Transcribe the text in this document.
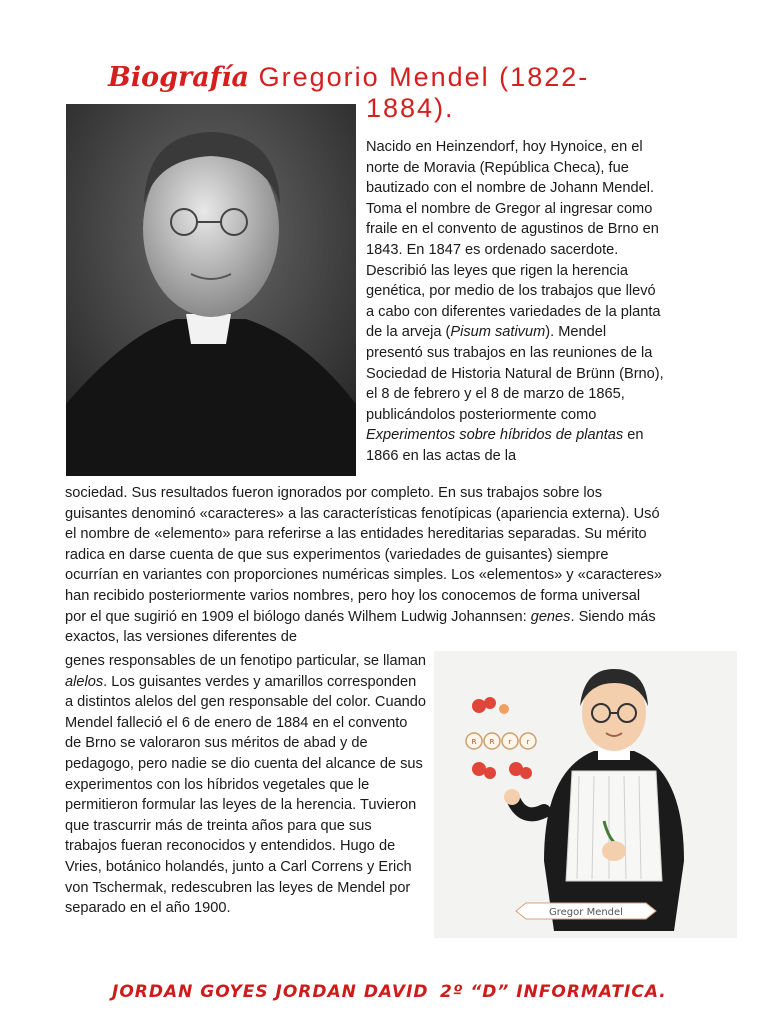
Biografía Gregorio Mendel (1822-
1884).

Nacido en Heinzendorf, hoy Hynoice, en el norte de Moravia (República Checa), fue bautizado con el nombre de Johann Mendel. Toma el nombre de Gregor al ingresar como fraile en el convento de agustinos de Brno en 1843. En 1847 es ordenado sacerdote. Describió las leyes que rigen la herencia genética, por medio de los trabajos que llevó a cabo con diferentes variedades de la planta de la arveja (Pisum sativum). Mendel presentó sus trabajos en las reuniones de la Sociedad de Historia Natural de Brünn (Brno), el 8 de febrero y el 8 de marzo de 1865, publicándolos posteriormente como Experimentos sobre híbridos de plantas en 1866 en las actas de la

sociedad. Sus resultados fueron ignorados por completo. En sus trabajos sobre los guisantes denominó «caracteres» a las características fenotípicas (apariencia externa). Usó el nombre de «elemento» para referirse a las entidades hereditarias separadas. Su mérito radica en darse cuenta de que sus experimentos (variedades de guisantes) siempre ocurrían en variantes con proporciones numéricas simples. Los «elementos» y «caracteres» han recibido posteriormente varios nombres, pero hoy los conocemos de forma universal por el que sugirió en 1909 el biólogo danés Wilhem Ludwig Johannsen: genes. Siendo más exactos, las versiones diferentes de

genes responsables de un fenotipo particular, se llaman alelos. Los guisantes verdes y amarillos corresponden a distintos alelos del gen responsable del color. Cuando Mendel falleció el 6 de enero de 1884 en el convento de Brno se valoraron sus méritos de abad y de pedagogo, pero nadie se dio cuenta del alcance de sus experimentos con los híbridos vegetales que le permitieron formular las leyes de la herencia. Tuvieron que trascurrir más de treinta años para que sus trabajos fueran reconocidos y entendidos. Hugo de Vries, botánico holandés, junto a Carl Correns y Erich von Tschermak, redescubren las leyes de Mendel por separado en el año 1900.

R R r r
Gregor Mendel
JORDAN GOYES JORDAN DAVID 2º “D” INFORMATICA.
